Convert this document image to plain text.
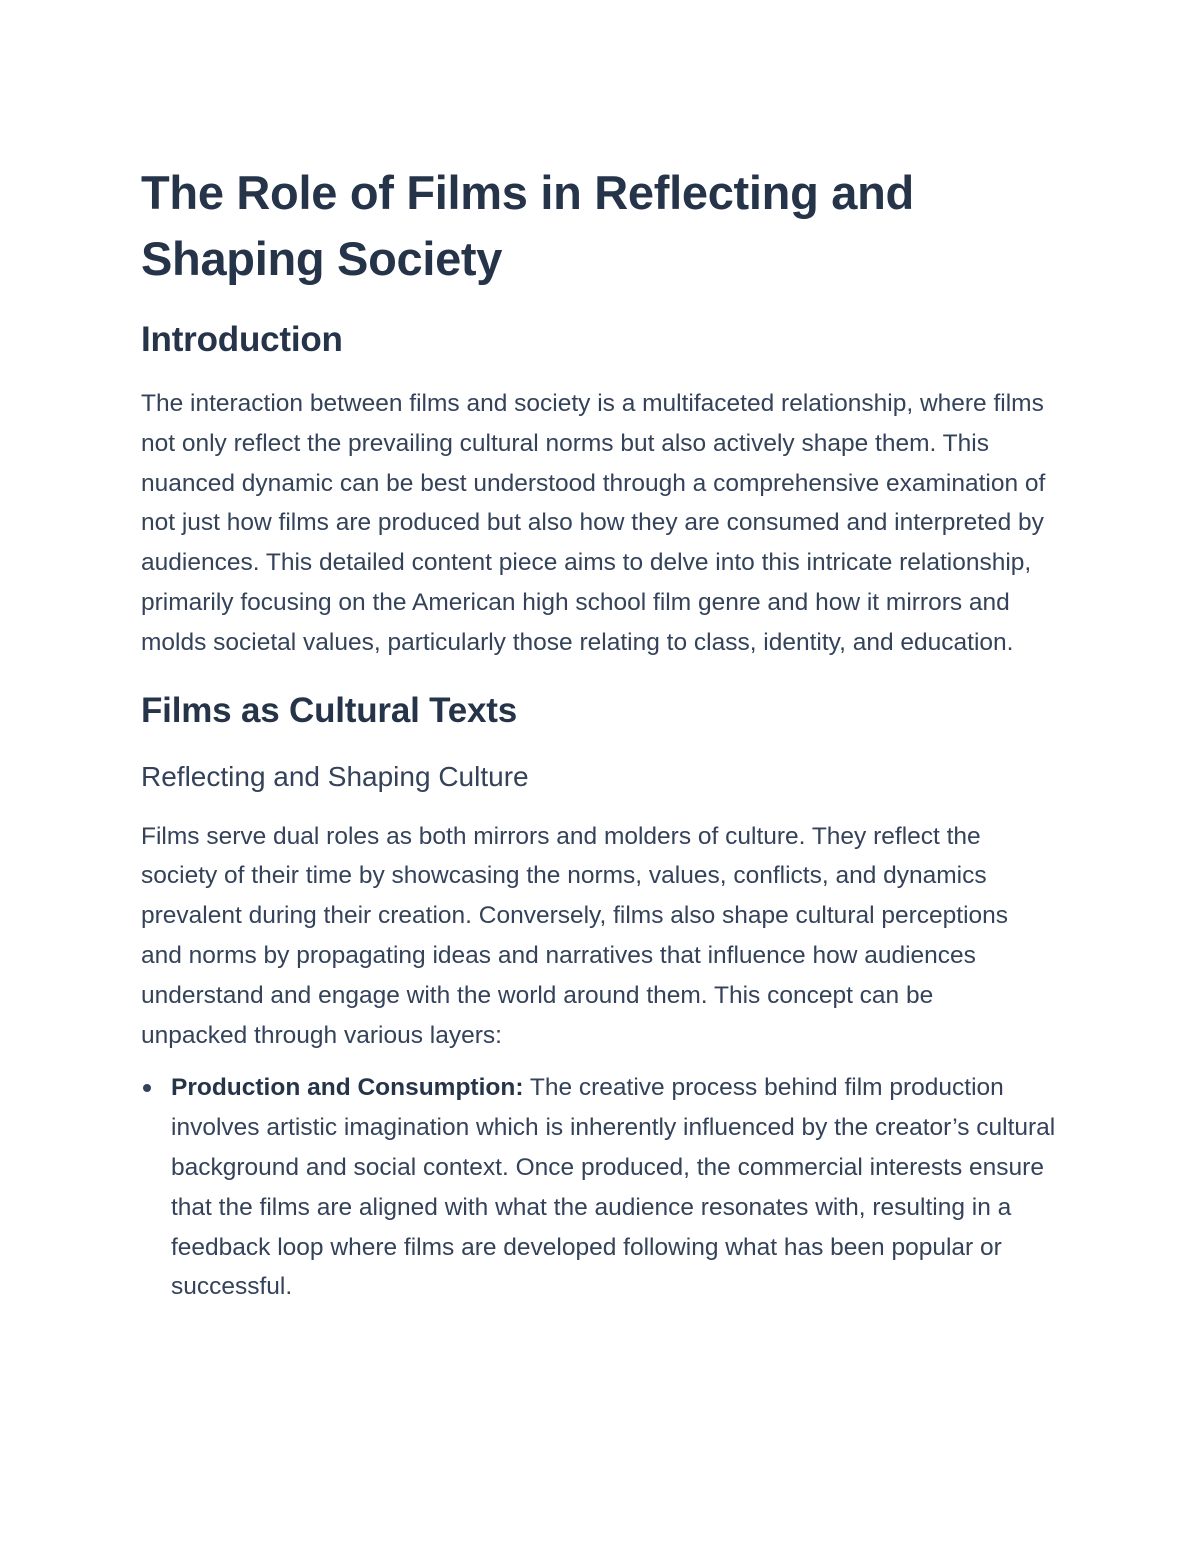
The Role of Films in Reflecting and Shaping Society
Introduction

The interaction between films and society is a multifaceted relationship, where films not only reflect the prevailing cultural norms but also actively shape them. This nuanced dynamic can be best understood through a comprehensive examination of not just how films are produced but also how they are consumed and interpreted by audiences. This detailed content piece aims to delve into this intricate relationship, primarily focusing on the American high school film genre and how it mirrors and molds societal values, particularly those relating to class, identity, and education.

Films as Cultural Texts
Reflecting and Shaping Culture

Films serve dual roles as both mirrors and molders of culture. They reflect the society of their time by showcasing the norms, values, conflicts, and dynamics prevalent during their creation. Conversely, films also shape cultural perceptions and norms by propagating ideas and narratives that influence how audiences understand and engage with the world around them. This concept can be unpacked through various layers:

Production and Consumption: The creative process behind film production involves artistic imagination which is inherently influenced by the creator’s cultural background and social context. Once produced, the commercial interests ensure that the films are aligned with what the audience resonates with, resulting in a feedback loop where films are developed following what has been popular or successful.
